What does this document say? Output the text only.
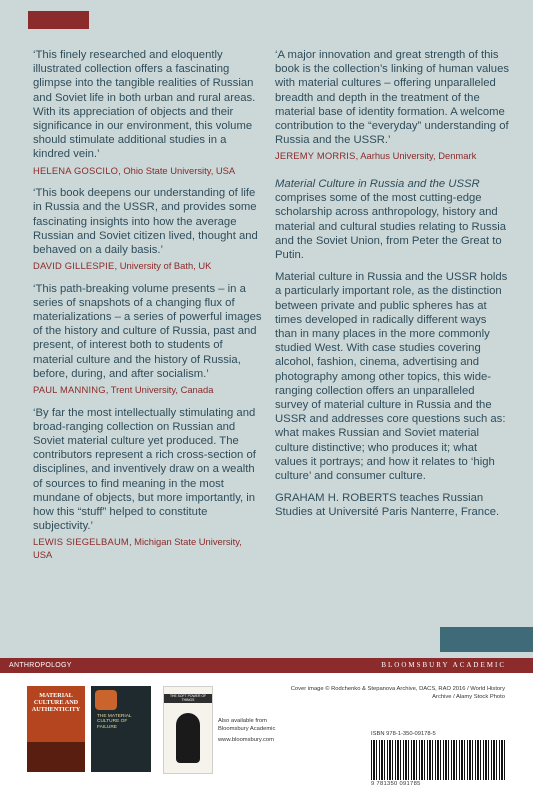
‘This finely researched and eloquently illustrated collection offers a fascinating glimpse into the tangible realities of Russian and Soviet life in both urban and rural areas. With its appreciation of objects and their significance in our environment, this volume should stimulate additional studies in a kindred vein.’

HELENA GOSCILO, Ohio State University, USA

‘This book deepens our understanding of life in Russia and the USSR, and provides some fascinating insights into how the average Russian and Soviet citizen lived, thought and behaved on a daily basis.’

DAVID GILLESPIE, University of Bath, UK

‘This path-breaking volume presents – in a series of snapshots of a changing flux of materializations – a series of powerful images of the history and culture of Russia, past and present, of interest both to students of material culture and the history of Russia, before, during, and after socialism.’

PAUL MANNING, Trent University, Canada

‘By far the most intellectually stimulating and broad-ranging collection on Russian and Soviet material culture yet produced. The contributors represent a rich cross-section of disciplines, and inventively draw on a wealth of sources to find meaning in the most mundane of objects, but more importantly, in how this “stuff” helped to constitute subjectivity.’

LEWIS SIEGELBAUM, Michigan State University, USA

‘A major innovation and great strength of this book is the collection’s linking of human values with material cultures – offering unparalleled breadth and depth in the treatment of the material base of identity formation. A welcome contribution to the “everyday” understanding of Russia and the USSR.’

JEREMY MORRIS, Aarhus University, Denmark

Material Culture in Russia and the USSR comprises some of the most cutting-edge scholarship across anthropology, history and material and cultural studies relating to Russia and the Soviet Union, from Peter the Great to Putin.

Material culture in Russia and the USSR holds a particularly important role, as the distinction between private and public spheres has at times developed in radically different ways than in many places in the more commonly studied West. With case studies covering alcohol, fashion, cinema, advertising and photography among other topics, this wide-ranging collection offers an unparalleled survey of material culture in Russia and the USSR and addresses core questions such as: what makes Russian and Soviet material culture distinctive; who produces it; what values it portrays; and how it relates to ‘high culture’ and consumer culture.

GRAHAM H. ROBERTS teaches Russian Studies at Université Paris Nanterre, France.

ANTHROPOLOGY	BLOOMSBURY ACADEMIC
MATERIAL CULTURE AND AUTHENTICITY
THE MATERIAL CULTURE OF FAILURE
THE SOFT POWER OF THINGS
Also available from Bloomsbury Academic
www.bloomsbury.com
Cover image © Rodchenko & Stepanova Archive, DACS, RAO 2016 / World History Archive / Alamy Stock Photo
ISBN 978-1-350-09178-5
9 781350 091785
